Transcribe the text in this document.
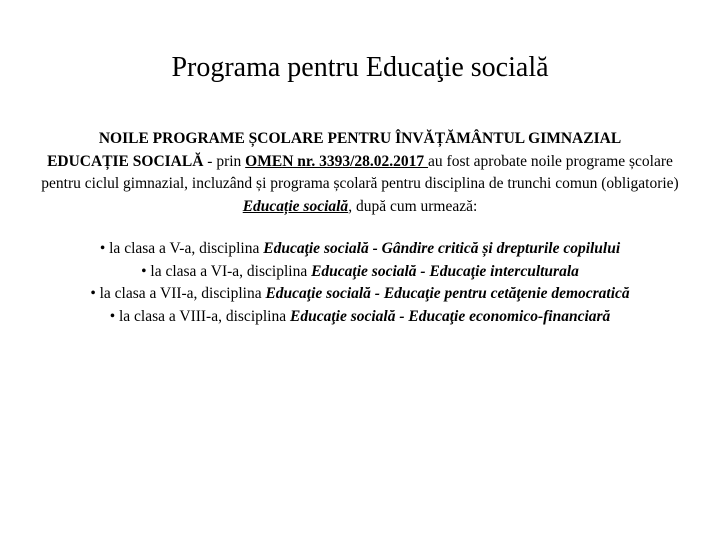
Programa pentru Educaţie socială

NOILE PROGRAME ȘCOLARE PENTRU ÎNVĂȚĂMÂNTUL GIMNAZIAL
EDUCAȚIE SOCIALĂ - prin OMEN nr. 3393/28.02.2017 au fost aprobate noile programe școlare pentru ciclul gimnazial, incluzând și programa școlară pentru disciplina de trunchi comun (obligatorie) Educație socială, după cum urmează:

• la clasa a V-a, disciplina Educaţie socială - Gândire critică și drepturile copilului
• la clasa a VI-a, disciplina Educaţie socială - Educaţie interculturala
• la clasa a VII-a, disciplina Educaţie socială - Educaţie pentru cetăţenie democratică
• la clasa a VIII-a, disciplina Educaţie socială - Educaţie economico-financiară
